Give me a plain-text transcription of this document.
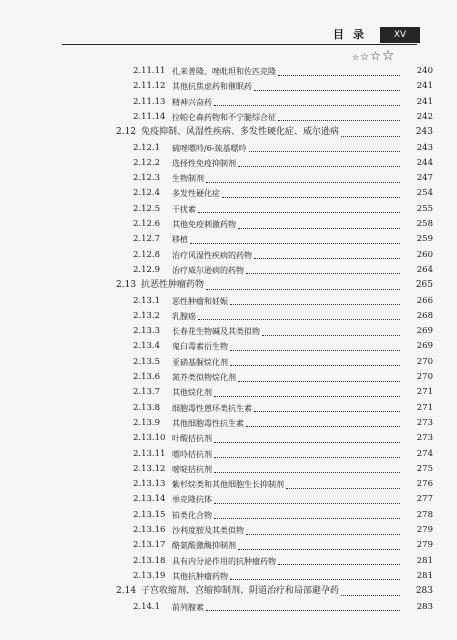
目录	XV
☆☆☆☆
2.11.11 扎来普隆、唑吡坦和佐匹克隆	240
2.11.12 其他抗焦虑药和催眠药	241
2.11.13 精神兴奋药	241
2.11.14 拉帕仑森药物和不宁腿综合征	242
2.12 免疫抑制、风湿性疾病、多发性硬化症、威尔逊病	243
2.12.1 硫唑嘌呤/6-巯基嘌呤	243
2.12.2 选择性免疫抑制剂	244
2.12.3 生物制剂	247
2.12.4 多发性硬化症	254
2.12.5 干扰素	255
2.12.6 其他免疫刺激药物	258
2.12.7 移植	259
2.12.8 治疗风湿性疾病的药物	260
2.12.9 治疗威尔逊病的药物	264
2.13 抗恶性肿瘤药物	265
2.13.1 恶性肿瘤和妊娠	266
2.13.2 乳腺癌	268
2.13.3 长春花生物碱及其类似物	269
2.13.4 鬼臼毒素衍生物	269
2.13.5 亚硝基脲烷化剂	270
2.13.6 氮芥类似物烷化剂	270
2.13.7 其他烷化剂	271
2.13.8 细胞毒性蒽环类抗生素	271
2.13.9 其他细胞毒性抗生素	273
2.13.10 叶酸拮抗剂	273
2.13.11 嘌呤拮抗剂	274
2.13.12 嘧啶拮抗剂	275
2.13.13 紫杉烷类和其他细胞生长抑制剂	276
2.13.14 单克隆抗体	277
2.13.15 铂类化合物	278
2.13.16 沙利度胺及其类似物	279
2.13.17 酪氨酸激酶抑制剂	279
2.13.18 具有内分泌作用的抗肿瘤药物	281
2.13.19 其他抗肿瘤药物	281
2.14 子宫收缩剂、宫缩抑制剂、阴道治疗和局部避孕药	283
2.14.1 前列腺素	283
